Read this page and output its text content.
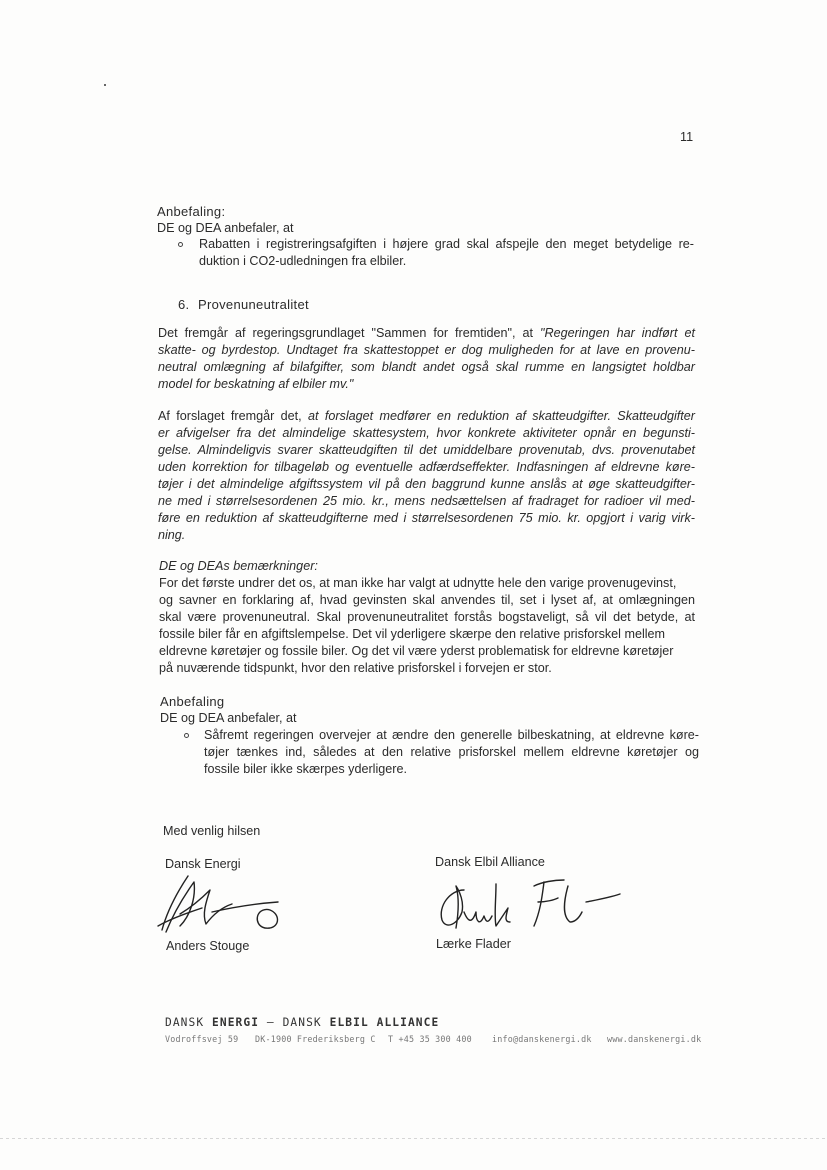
11
Anbefaling:
DE og DEA anbefaler, at
Rabatten i registreringsafgiften i højere grad skal afspejle den meget betydelige re-
duktion i CO2-udledningen fra elbiler.
6. Provenuneutralitet
Det fremgår af regeringsgrundlaget "Sammen for fremtiden", at "Regeringen har indført et
skatte- og byrdestop. Undtaget fra skattestoppet er dog muligheden for at lave en provenu-
neutral omlægning af bilafgifter, som blandt andet også skal rumme en langsigtet holdbar
model for beskatning af elbiler mv."
Af forslaget fremgår det, at forslaget medfører en reduktion af skatteudgifter. Skatteudgifter
er afvigelser fra det almindelige skattesystem, hvor konkrete aktiviteter opnår en begunsti-
gelse. Almindeligvis svarer skatteudgiften til det umiddelbare provenutab, dvs. provenutabet
uden korrektion for tilbageløb og eventuelle adfærdseffekter. Indfasningen af eldrevne køre-
tøjer i det almindelige afgiftssystem vil på den baggrund kunne anslås at øge skatteudgifter-
ne med i størrelsesordenen 25 mio. kr., mens nedsættelsen af fradraget for radioer vil med-
føre en reduktion af skatteudgifterne med i størrelsesordenen 75 mio. kr. opgjort i varig virk-
ning.
DE og DEAs bemærkninger:
For det første undrer det os, at man ikke har valgt at udnytte hele den varige provenugevinst,
og savner en forklaring af, hvad gevinsten skal anvendes til, set i lyset af, at omlægningen
skal være provenuneutral. Skal provenuneutralitet forstås bogstaveligt, så vil det betyde, at
fossile biler får en afgiftslempelse. Det vil yderligere skærpe den relative prisforskel mellem
eldrevne køretøjer og fossile biler. Og det vil være yderst problematisk for eldrevne køretøjer
på nuværende tidspunkt, hvor den relative prisforskel i forvejen er stor.
Anbefaling
DE og DEA anbefaler, at
Såfremt regeringen overvejer at ændre den generelle bilbeskatning, at eldrevne køre-
tøjer tænkes ind, således at den relative prisforskel mellem eldrevne køretøjer og
fossile biler ikke skærpes yderligere.
Med venlig hilsen
Dansk Energi	Dansk Elbil Alliance
Anders Stouge	Lærke Flader
DANSK ENERGI – DANSK ELBIL ALLIANCE
Vodroffsvej 59 DK-1900 Frederiksberg C T +45 35 300 400 info@danskenergi.dk www.danskenergi.dk
